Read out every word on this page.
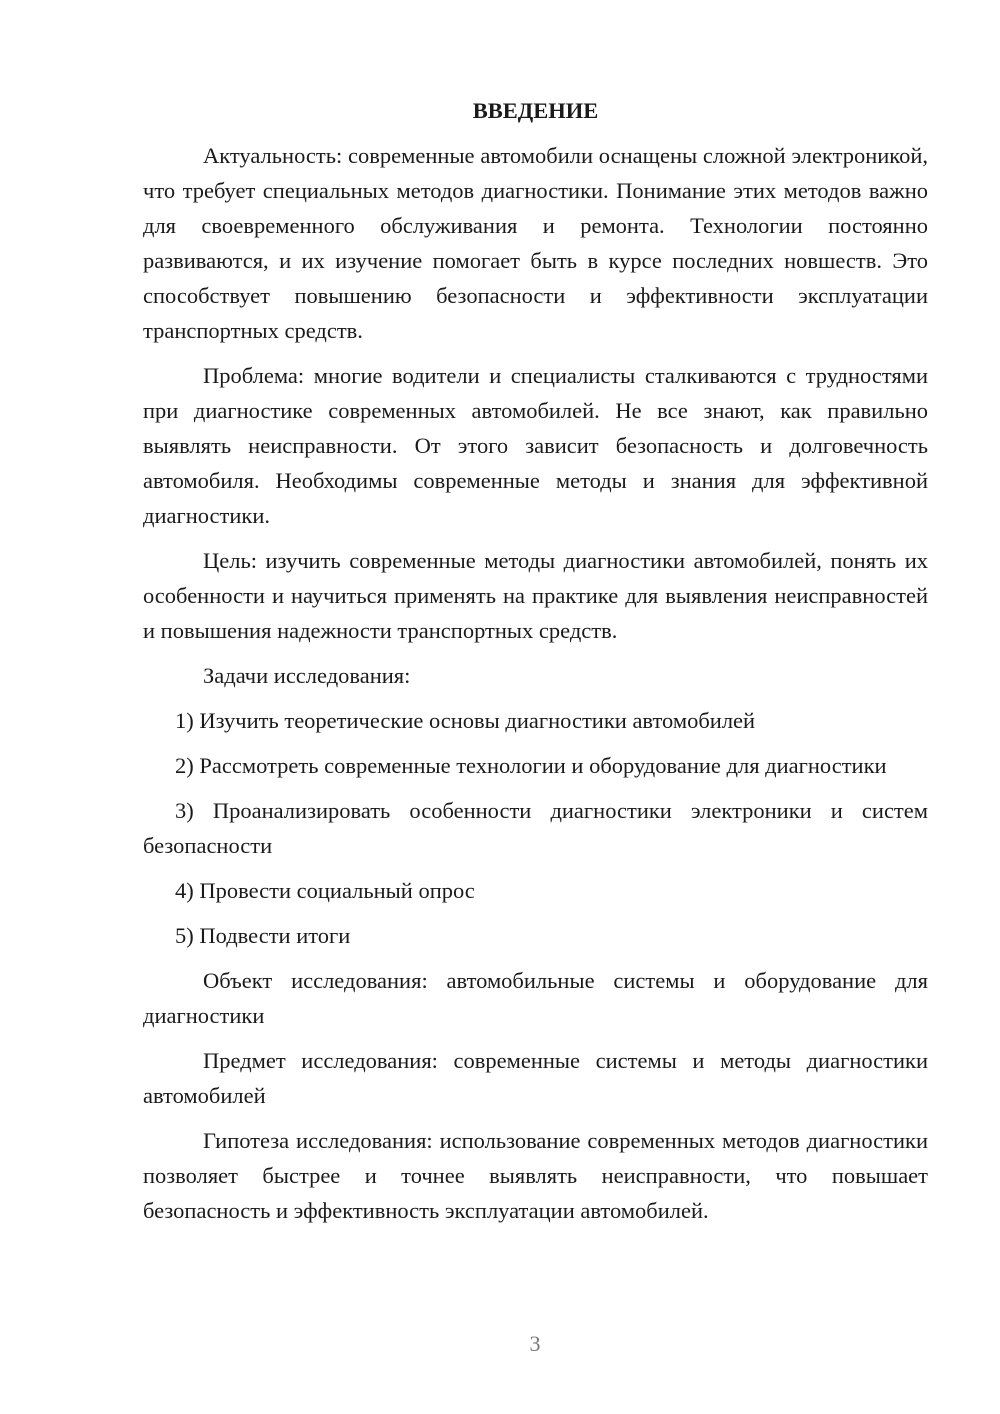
ВВЕДЕНИЕ

Актуальность: современные автомобили оснащены сложной электроникой, что требует специальных методов диагностики. Понимание этих методов важно для своевременного обслуживания и ремонта. Технологии постоянно развиваются, и их изучение помогает быть в курсе последних новшеств. Это способствует повышению безопасности и эффективности эксплуатации транспортных средств.

Проблема: многие водители и специалисты сталкиваются с трудностями при диагностике современных автомобилей. Не все знают, как правильно выявлять неисправности. От этого зависит безопасность и долговечность автомобиля. Необходимы современные методы и знания для эффективной диагностики.

Цель: изучить современные методы диагностики автомобилей, понять их особенности и научиться применять на практике для выявления неисправностей и повышения надежности транспортных средств.

Задачи исследования:

1) Изучить теоретические основы диагностики автомобилей

2) Рассмотреть современные технологии и оборудование для диагностики

3) Проанализировать особенности диагностики электроники и систем безопасности

4) Провести социальный опрос

5) Подвести итоги

Объект исследования: автомобильные системы и оборудование для диагностики

Предмет исследования: современные системы и методы диагностики автомобилей

Гипотеза исследования: использование современных методов диагностики позволяет быстрее и точнее выявлять неисправности, что повышает безопасность и эффективность эксплуатации автомобилей.

3
